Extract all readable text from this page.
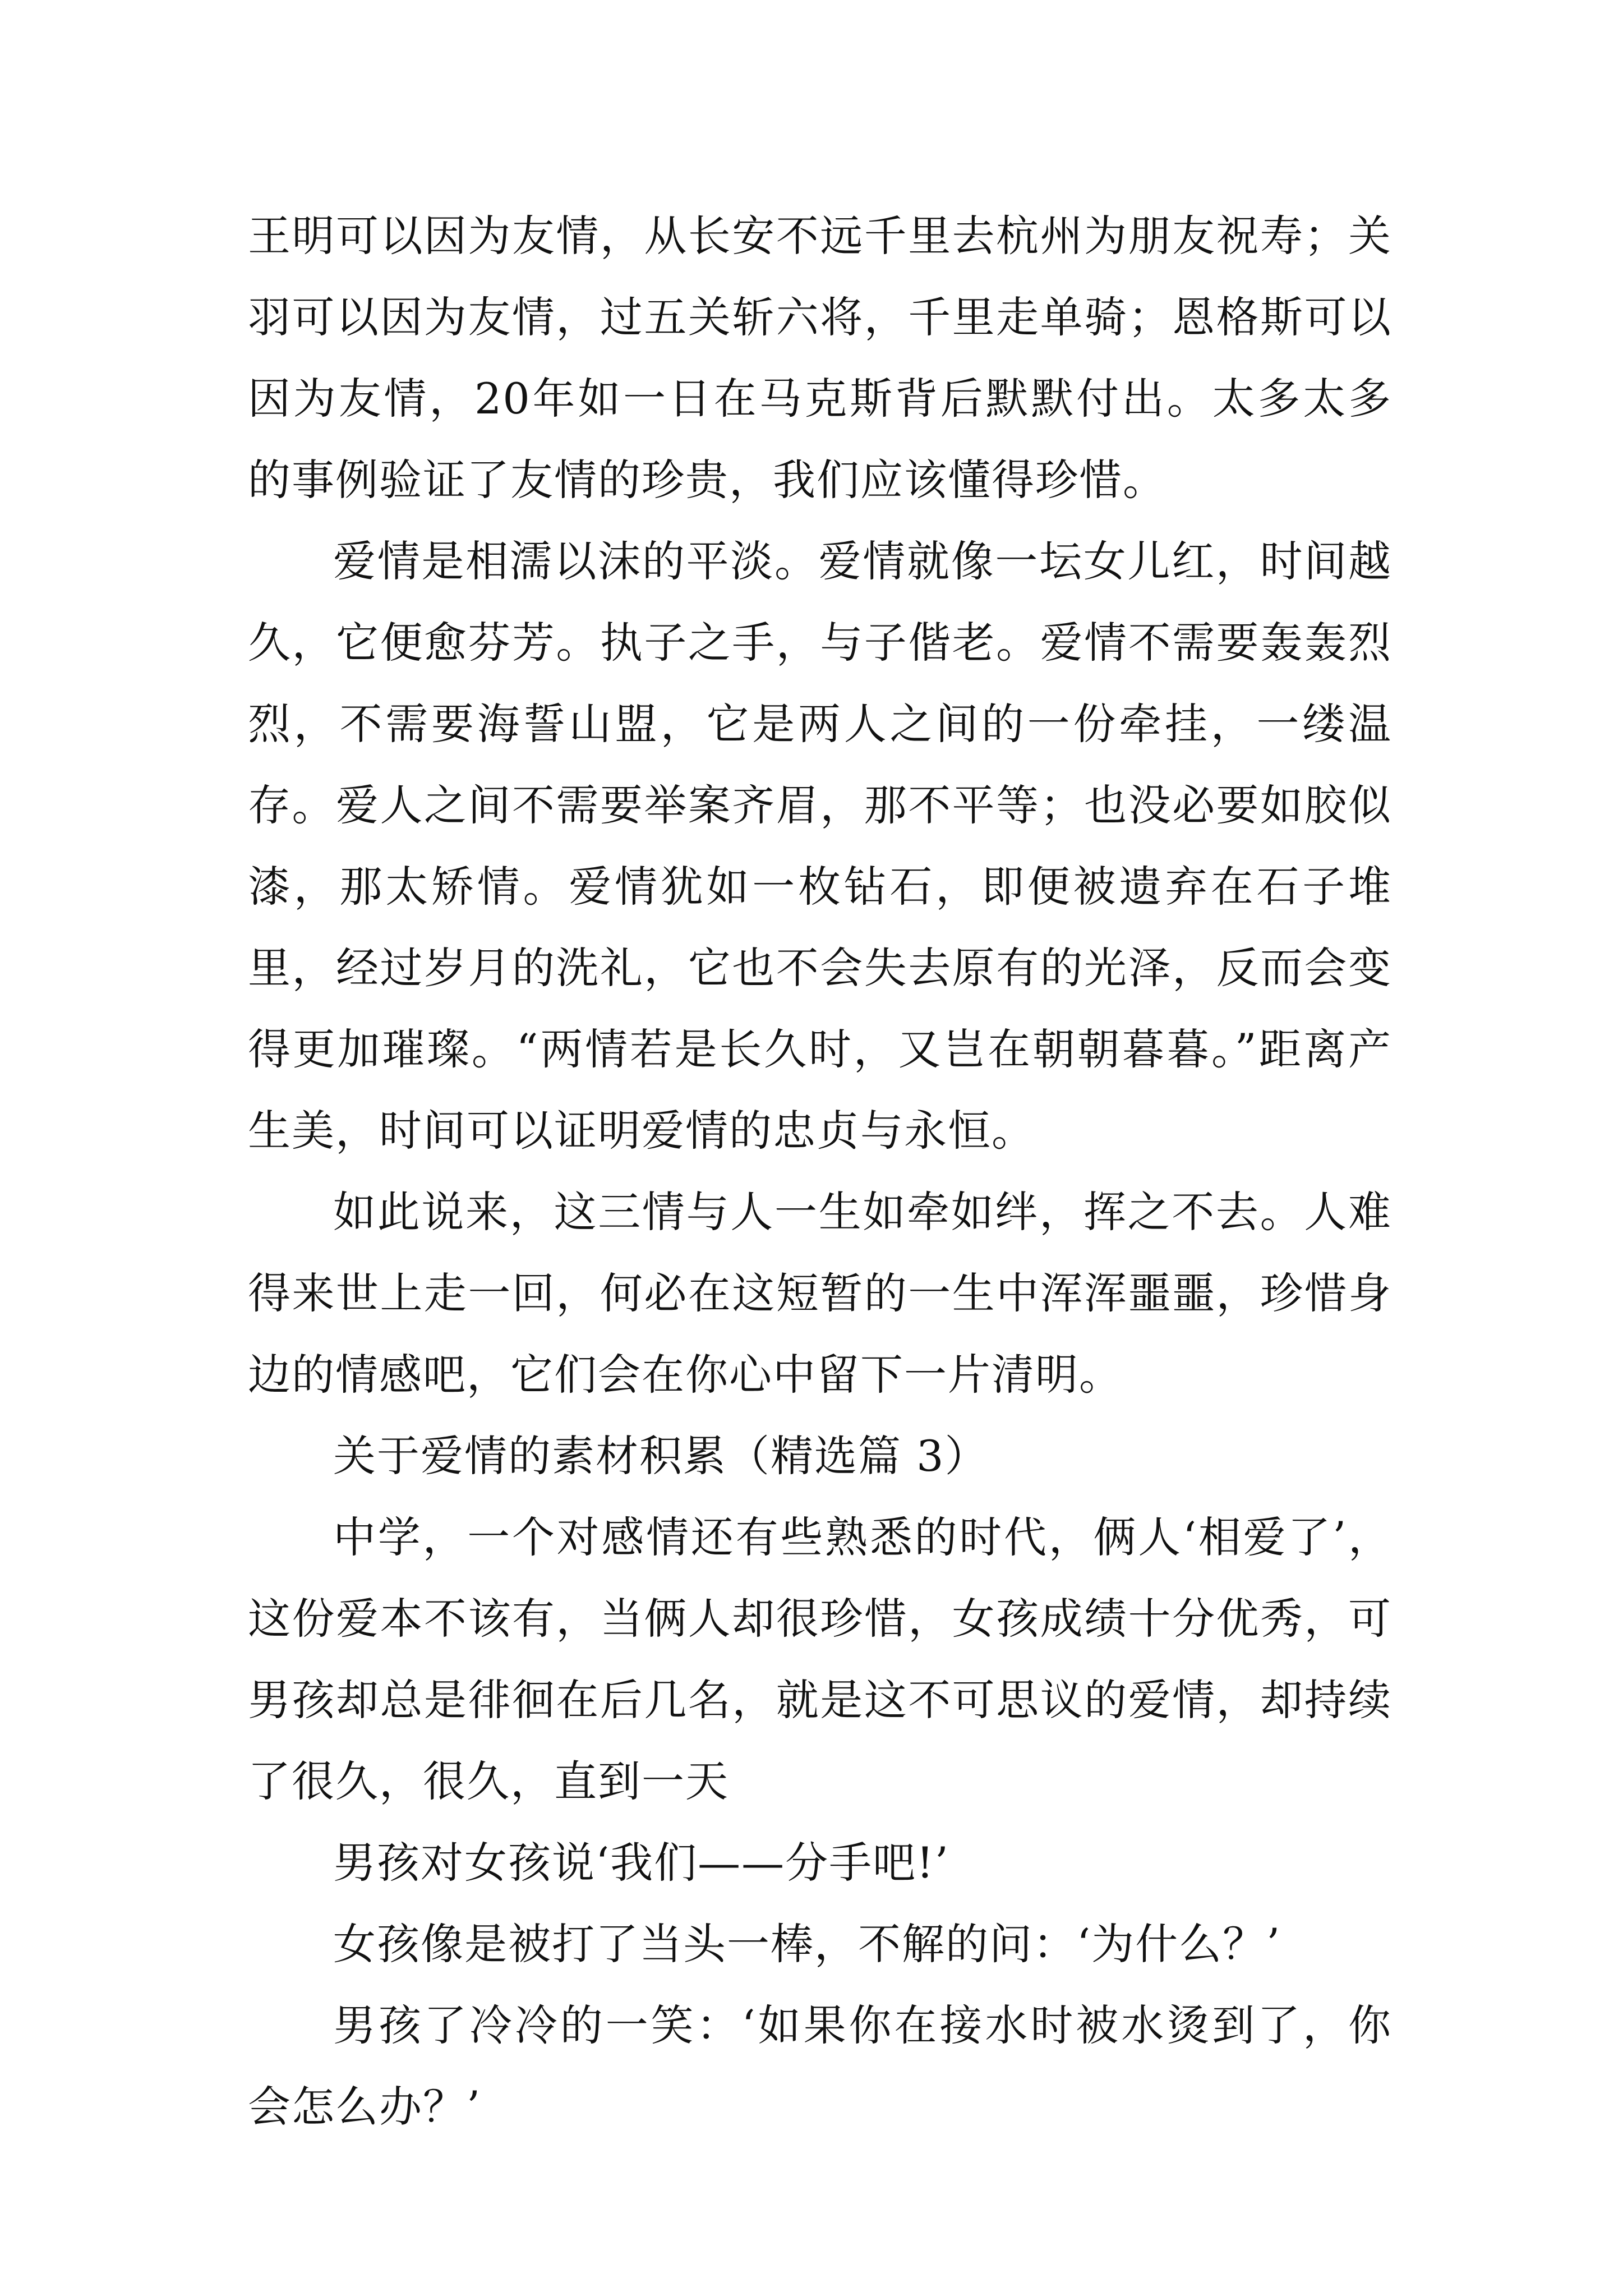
王明可以因为友情，从长安不远千里去杭州为朋友祝寿；关羽可以因为友情，过五关斩六将，千里走单骑；恩格斯可以因为友情，20年如一日在马克斯背后默默付出。太多太多的事例验证了友情的珍贵，我们应该懂得珍惜。

爱情是相濡以沫的平淡。爱情就像一坛女儿红，时间越久，它便愈芬芳。执子之手，与子偕老。爱情不需要轰轰烈烈，不需要海誓山盟，它是两人之间的一份牵挂，一缕温存。爱人之间不需要举案齐眉，那不平等；也没必要如胶似漆，那太矫情。爱情犹如一枚钻石，即便被遗弃在石子堆里，经过岁月的洗礼，它也不会失去原有的光泽，反而会变得更加璀璨。“两情若是长久时，又岂在朝朝暮暮。”距离产生美，时间可以证明爱情的忠贞与永恒。

如此说来，这三情与人一生如牵如绊，挥之不去。人难得来世上走一回，何必在这短暂的一生中浑浑噩噩，珍惜身边的情感吧，它们会在你心中留下一片清明。

关于爱情的素材积累（精选篇 3）

中学，一个对感情还有些熟悉的时代，俩人‘相爱了’，这份爱本不该有，当俩人却很珍惜，女孩成绩十分优秀，可男孩却总是徘徊在后几名，就是这不可思议的爱情，却持续了很久，很久，直到一天

男孩对女孩说‘我们——分手吧!’

女孩像是被打了当头一棒，不解的问：‘为什么？’

男孩了冷冷的一笑：‘如果你在接水时被水烫到了，你会怎么办？’
